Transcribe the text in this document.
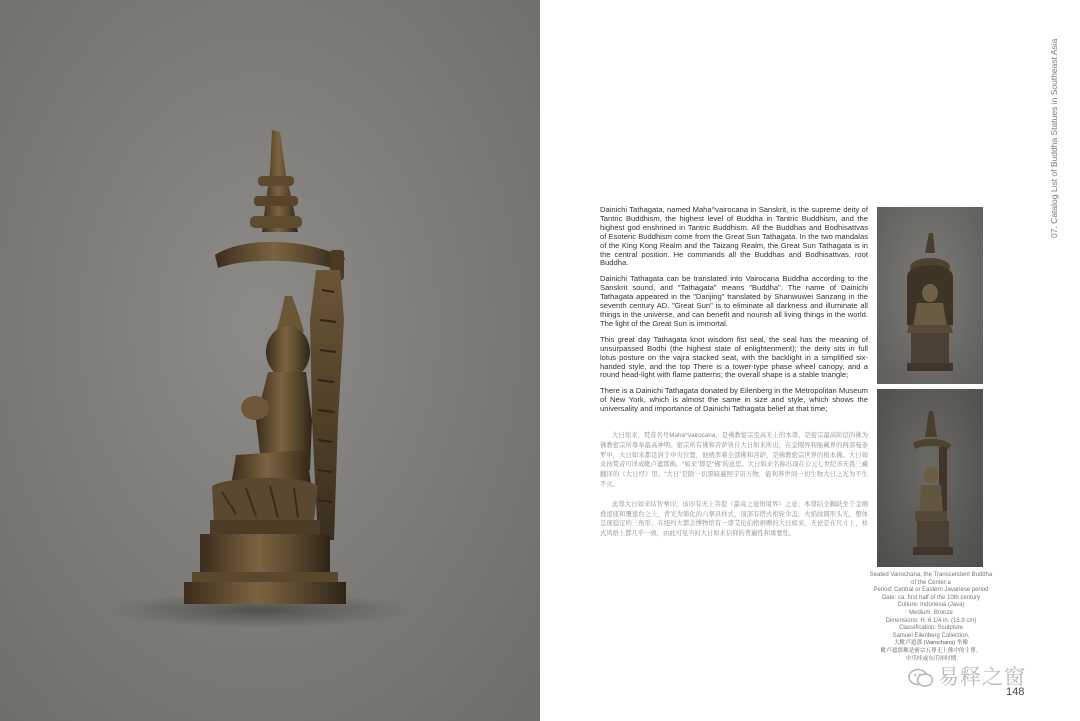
07. Catalog List of Buddha Statues in Southeast Asia

Dainichi Tathagata, named Maha^vairocana in Sanskrit, is the supreme deity of Tantric Buddhism, the highest level of Buddha in Tantric Buddhism, and the highest god enshrined in Tantric Buddhism. All the Buddhas and Bodhisattvas of Esoteric Buddhism come from the Great Sun Tathagata. In the two mandalas of the King Kong Realm and the Taizang Realm, the Great Sun Tathagata is in the central position. He commands all the Buddhas and Bodhisattvas. root Buddha.

Dainichi Tathagata can be translated into Vairocana Buddha according to the Sanskrit sound, and "Tathagata" means "Buddha". The name of Dainichi Tathagata appeared in the "Darijing" translated by Shanwuwei Sanzang in the seventh century AD. "Great Sun" is to eliminate all darkness and illuminate all things in the universe, and can benefit and nourish all living things in the world. The light of the Great Sun is immortal.

This great day Tathagata knot wisdom fist seal, the seal has the meaning of unsurpassed Bodhi (the highest state of enlightenment); the deity sits in full lotus posture on the vajra stacked seat, with the backlight in a simplified six-handed style, and the top There is a tower-type phase wheel canopy, and a round head-light with flame patterns; the overall shape is a stable triangle;

There is a Dainichi Tathagata donated by Eilenberg in the Metropolitan Museum of New York, which is almost the same in size and style, which shows the universality and importance of Dainichi Tathagata belief at that time;

大日如来，梵音名号Maha^vairocana，是佛教密宗至高无上的本尊，是密宗最高阶层的佛为佛教密宗所尊奉最高神明。密宗所有佛和菩萨皆自大日如来所出，在金刚界和胎藏界的两部曼荼罗中，大日如来都是居于中央位置，他统率着全部佛和菩萨，是佛教密宗世界的根本佛。大日如来按梵音可译成毗卢遮那佛，“如来”即是“佛”的意思。大日如来名称出现在公元七世纪善无畏三藏翻译的《大日经》里。“大日”是除一切黑暗遍照宇宙万物，能利养世间一切生物大日之光为不生不灭。

此尊大日如来结智拳印，该印有无上菩提（最高之觉悟境界）之意；本尊结全跏趺坐于金刚叠涩座和覆莲台之上，背光为简化的六拏具样式，顶部有塔式相轮伞盖，火焰纹圆形头光，整体呈现稳定的三角形；在纽约大都会博物馆有一尊艾伦伯格捐赠的大日如来，无论是在尺寸上，样式风格上都几乎一致，由此可见当时大日如来信仰的普遍性和重要性。

Seated Vairochana, the Transcendent Buddha of the Center:a
Period: Central or Eastern Javanese period
Date: ca. first half of the 10th century
Culture: Indonesia (Java)
Medium: Bronze
Dimensions: H. 6 1/4 in. (15.9 cm)
Classification: Sculpture
Samuel Eilenberg Collection,
大毗卢遮那 (Vairochana) 坐像
毗卢遮那佛是密宗五尊无上佛中的主尊。
中爪哇或东爪哇时期
易释之窗
148
